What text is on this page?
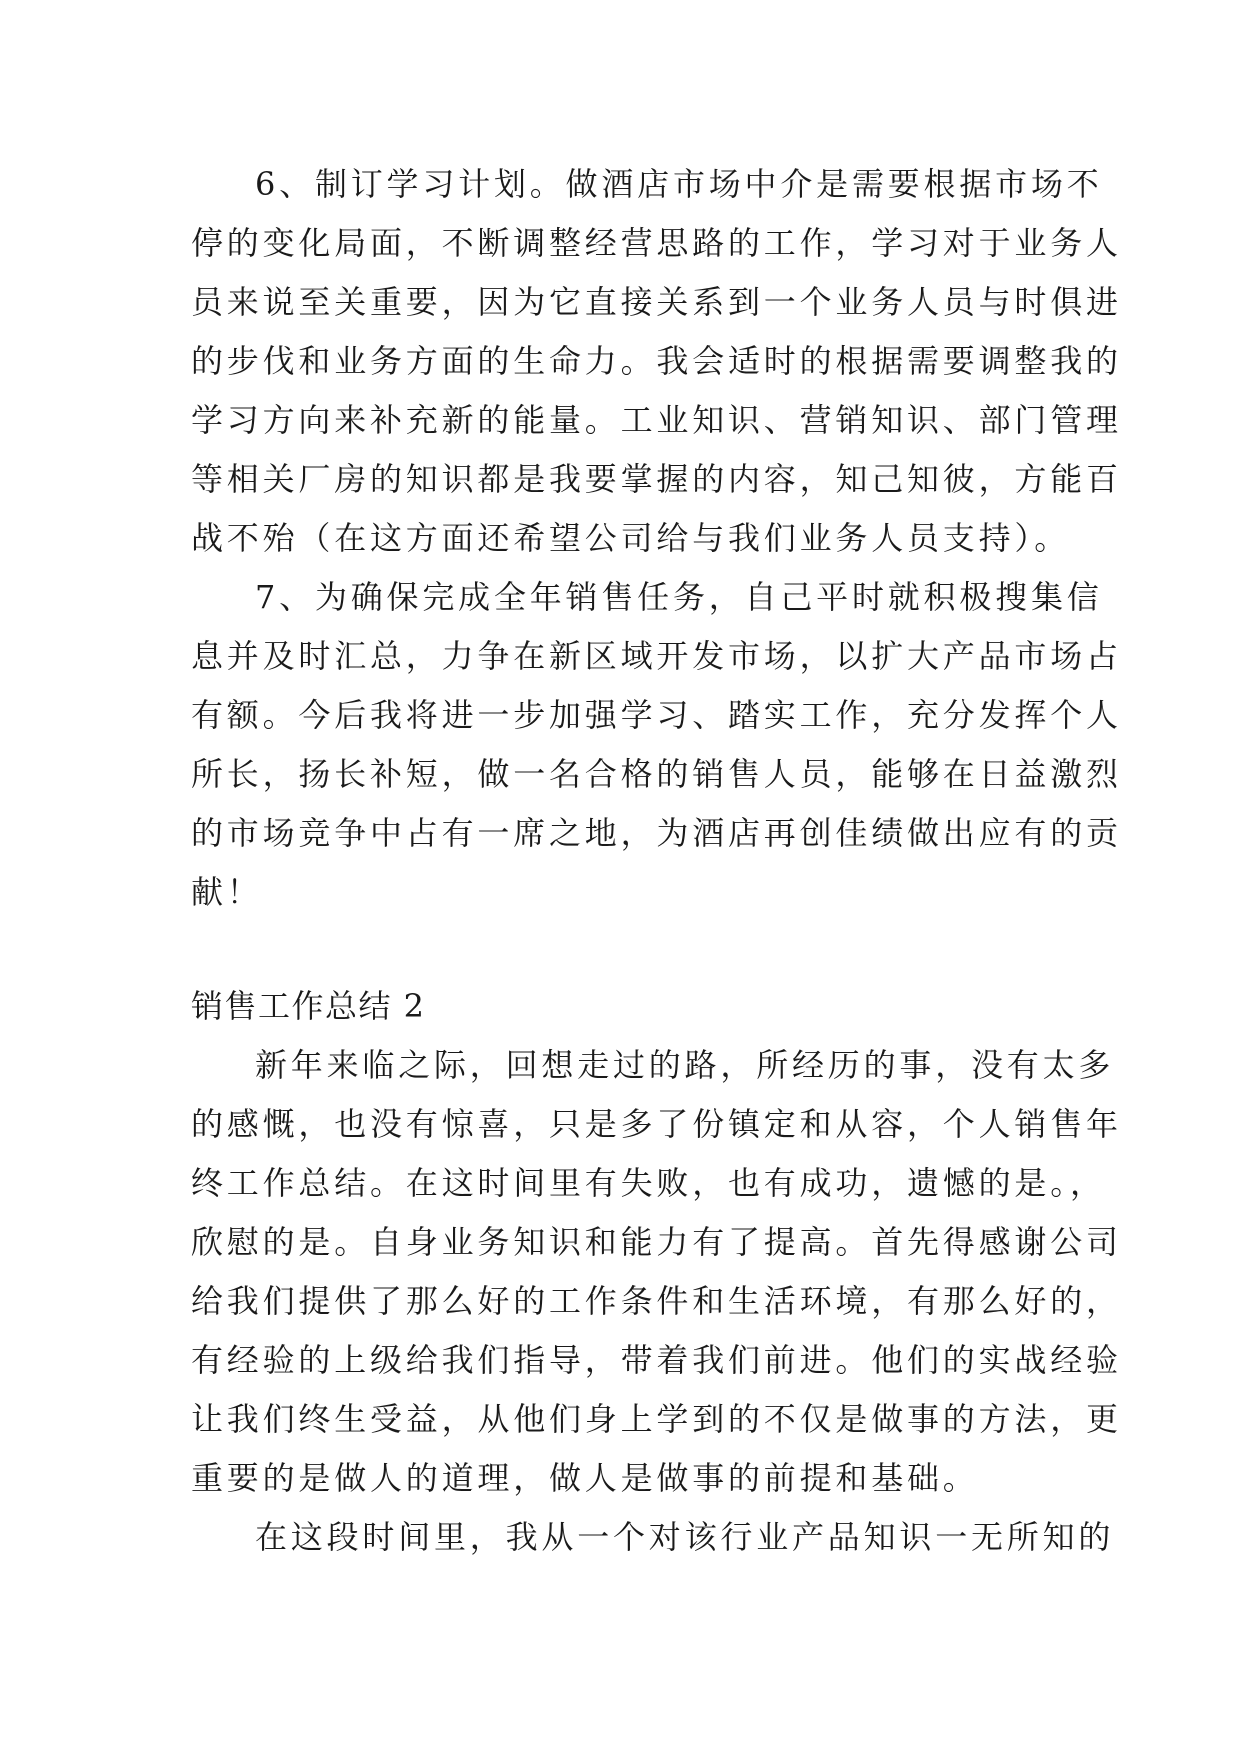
6、制订学习计划。做酒店市场中介是需要根据市场不
停的变化局面，不断调整经营思路的工作，学习对于业务人
员来说至关重要，因为它直接关系到一个业务人员与时俱进
的步伐和业务方面的生命力。我会适时的根据需要调整我的
学习方向来补充新的能量。工业知识、营销知识、部门管理
等相关厂房的知识都是我要掌握的内容，知己知彼，方能百
战不殆（在这方面还希望公司给与我们业务人员支持）。
7、为确保完成全年销售任务，自己平时就积极搜集信
息并及时汇总，力争在新区域开发市场，以扩大产品市场占
有额。今后我将进一步加强学习、踏实工作，充分发挥个人
所长，扬长补短，做一名合格的销售人员，能够在日益激烈
的市场竞争中占有一席之地，为酒店再创佳绩做出应有的贡
献！
销售工作总结 2
新年来临之际，回想走过的路，所经历的事，没有太多
的感慨，也没有惊喜，只是多了份镇定和从容，个人销售年
终工作总结。在这时间里有失败，也有成功，遗憾的是。，
欣慰的是。自身业务知识和能力有了提高。首先得感谢公司
给我们提供了那么好的工作条件和生活环境，有那么好的，
有经验的上级给我们指导，带着我们前进。他们的实战经验
让我们终生受益，从他们身上学到的不仅是做事的方法，更
重要的是做人的道理，做人是做事的前提和基础。
在这段时间里，我从一个对该行业产品知识一无所知的
